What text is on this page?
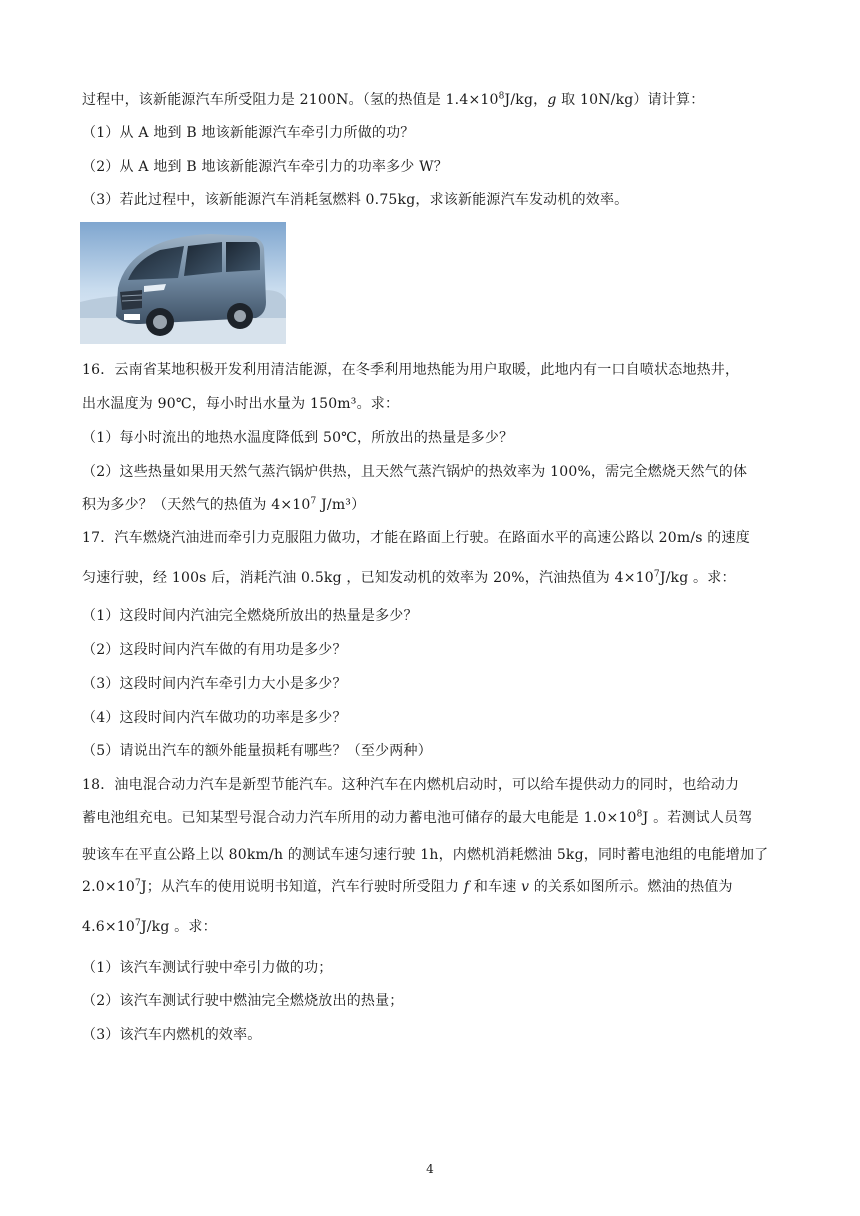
过程中，该新能源汽车所受阻力是 2100N。（氢的热值是 $1.4\times 10^8J/kg$，g 取 10N/kg）请计算：
（1）从 A 地到 B 地该新能源汽车牵引力所做的功？
（2）从 A 地到 B 地该新能源汽车牵引力的功率多少 W？
（3）若此过程中，该新能源汽车消耗氢燃料 0.75kg，求该新能源汽车发动机的效率。
16．云南省某地积极开发利用清洁能源，在冬季利用地热能为用户取暖，此地内有一口自喷状态地热井，
出水温度为 90℃，每小时出水量为 150m³。求：
（1）每小时流出的地热水温度降低到 50℃，所放出的热量是多少？
（2）这些热量如果用天然气蒸汽锅炉供热，且天然气蒸汽锅炉的热效率为 100%，需完全燃烧天然气的体
积为多少？（天然气的热值为 $4\times 10^7$ J/m³）
17．汽车燃烧汽油进而牵引力克服阻力做功，才能在路面上行驶。在路面水平的高速公路以 20m/s 的速度
匀速行驶，经 100s 后，消耗汽油 0.5kg ，已知发动机的效率为 20%，汽油热值为 $4\times 10^7J/kg$ 。求：
（1）这段时间内汽油完全燃烧所放出的热量是多少？
（2）这段时间内汽车做的有用功是多少？
（3）这段时间内汽车牵引力大小是多少？
（4）这段时间内汽车做功的功率是多少？
（5）请说出汽车的额外能量损耗有哪些？（至少两种）
18．油电混合动力汽车是新型节能汽车。这种汽车在内燃机启动时，可以给车提供动力的同时，也给动力
蓄电池组充电。已知某型号混合动力汽车所用的动力蓄电池可储存的最大电能是 $1.0\times 10^8J$ 。若测试人员驾
驶该车在平直公路上以 80km/h 的测试车速匀速行驶 1h，内燃机消耗燃油 5kg，同时蓄电池组的电能增加了
$2.0\times 10^7J$；从汽车的使用说明书知道，汽车行驶时所受阻力 f 和车速 v 的关系如图所示。燃油的热值为
$4.6\times 10^7J/kg$ 。求：
（1）该汽车测试行驶中牵引力做的功；
（2）该汽车测试行驶中燃油完全燃烧放出的热量；
（3）该汽车内燃机的效率。
4
